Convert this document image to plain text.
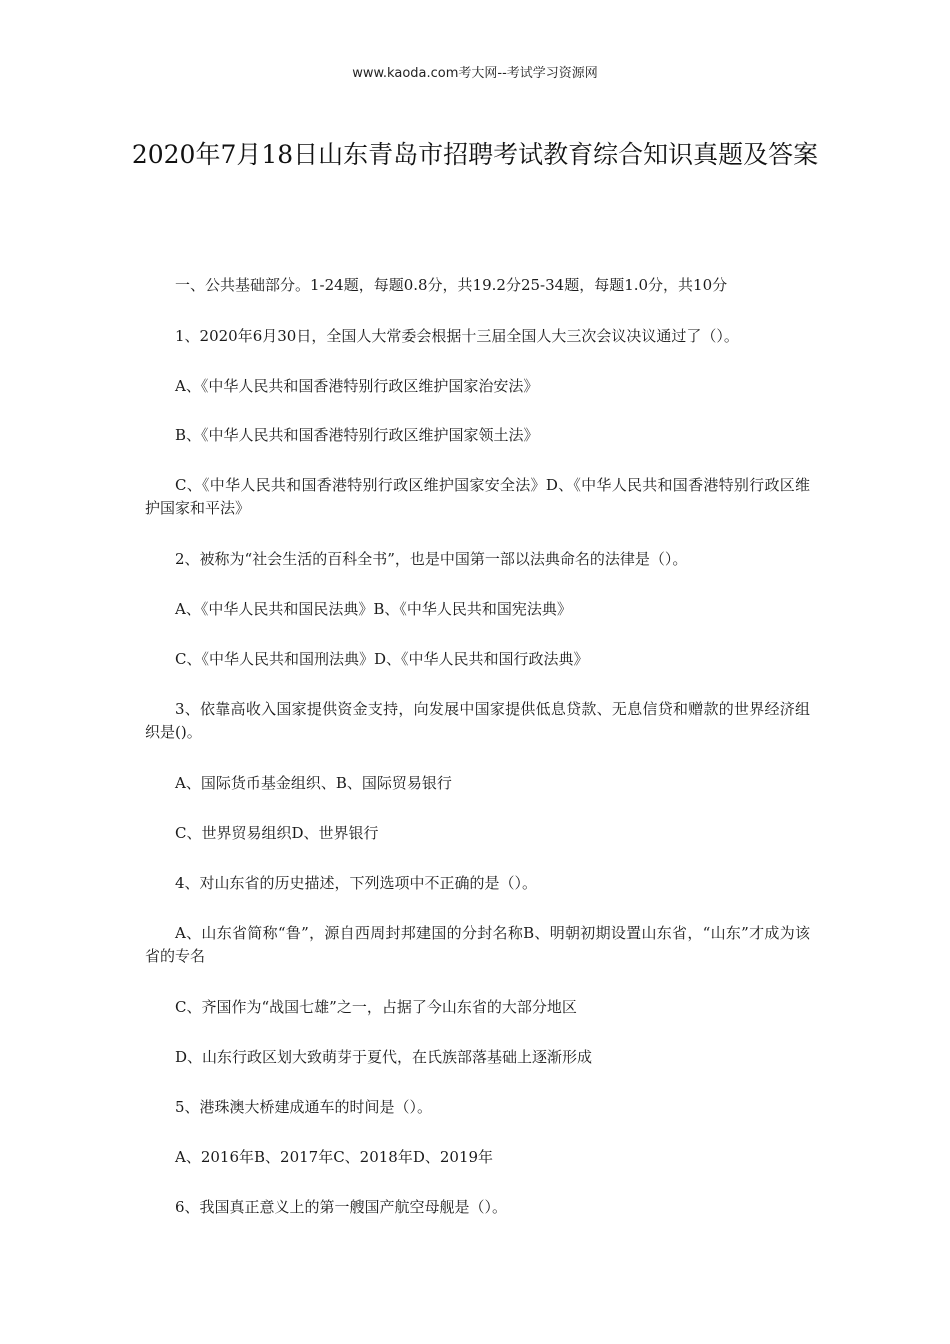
www.kaoda.com考大网--考试学习资源网
2020年7月18日山东青岛市招聘考试教育综合知识真题及答案
一、公共基础部分。1-24题，每题0.8分，共19.2分25-34题，每题1.0分，共10分
1、2020年6月30日，全国人大常委会根据十三届全国人大三次会议决议通过了（）。
A、《中华人民共和国香港特别行政区维护国家治安法》
B、《中华人民共和国香港特别行政区维护国家领土法》
C、《中华人民共和国香港特别行政区维护国家安全法》D、《中华人民共和国香港特别行政区维护国家和平法》
2、被称为“社会生活的百科全书”，也是中国第一部以法典命名的法律是（）。
A、《中华人民共和国民法典》B、《中华人民共和国宪法典》
C、《中华人民共和国刑法典》D、《中华人民共和国行政法典》
3、依靠高收入国家提供资金支持，向发展中国家提供低息贷款、无息信贷和赠款的世界经济组织是()。
A、国际货币基金组织、B、国际贸易银行
C、世界贸易组织D、世界银行
4、对山东省的历史描述，下列选项中不正确的是（）。
A、山东省简称“鲁”，源自西周封邦建国的分封名称B、明朝初期设置山东省，“山东”才成为该省的专名
C、齐国作为“战国七雄”之一，占据了今山东省的大部分地区
D、山东行政区划大致萌芽于夏代，在氏族部落基础上逐渐形成
5、港珠澳大桥建成通车的时间是（）。
A、2016年B、2017年C、2018年D、2019年
6、我国真正意义上的第一艘国产航空母舰是（）。
